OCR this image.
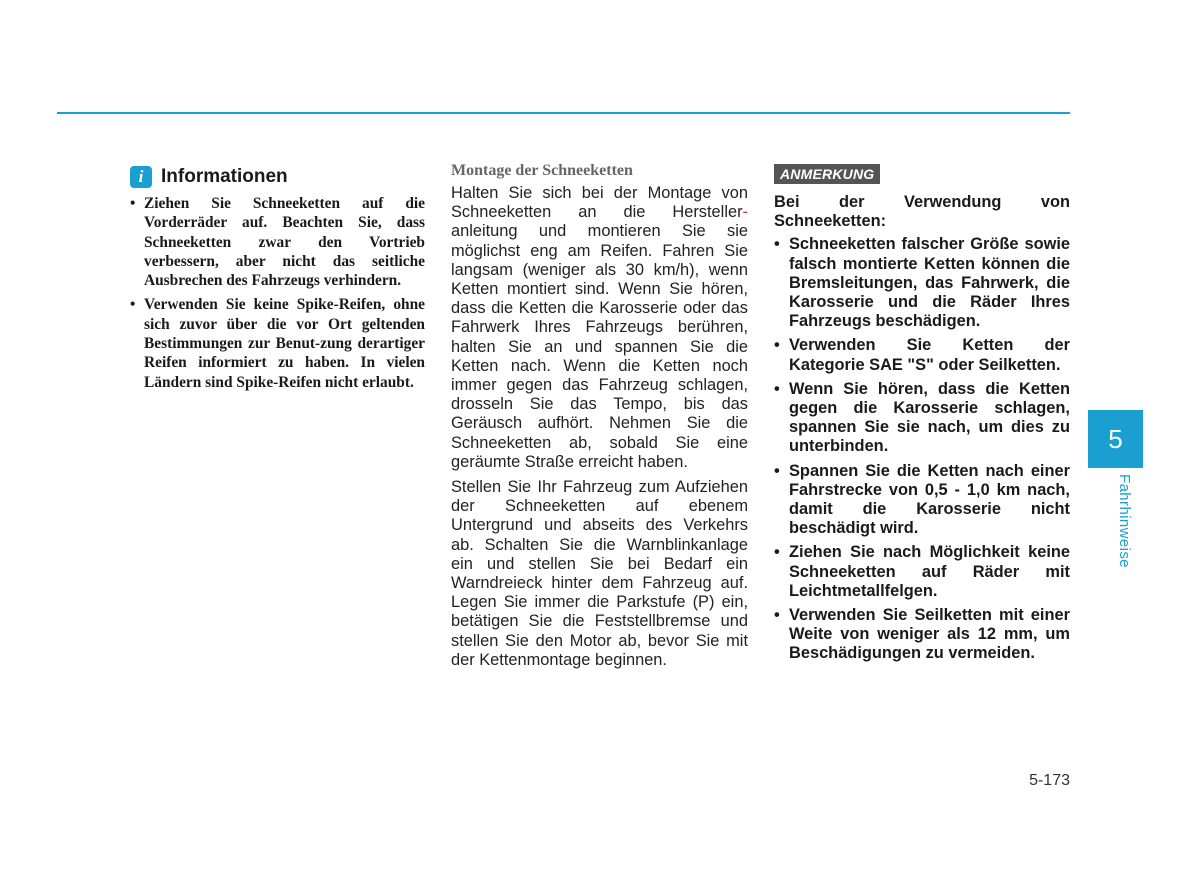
i Informationen
• Ziehen Sie Schneeketten auf die Vorderräder auf. Beachten Sie, dass Schneeketten zwar den Vortrieb verbessern, aber nicht das seitliche Ausbrechen des Fahrzeugs verhindern.
• Verwenden Sie keine Spike-Reifen, ohne sich zuvor über die vor Ort geltenden Bestimmungen zur Benut-zung derartiger Reifen informiert zu haben. In vielen Ländern sind Spike-Reifen nicht erlaubt.
Montage der Schneeketten

Halten Sie sich bei der Montage von Schneeketten an die Hersteller- anleitung und montieren Sie sie möglichst eng am Reifen. Fahren Sie langsam (weniger als 30 km/h), wenn Ketten montiert sind. Wenn Sie hören, dass die Ketten die Karosserie oder das Fahrwerk Ihres Fahrzeugs berühren, halten Sie an und spannen Sie die Ketten nach. Wenn die Ketten noch immer gegen das Fahrzeug schlagen, drosseln Sie das Tempo, bis das Geräusch aufhört. Nehmen Sie die Schneeketten ab, sobald Sie eine geräumte Straße erreicht haben.

Stellen Sie Ihr Fahrzeug zum Aufziehen der Schneeketten auf ebenem Untergrund und abseits des Verkehrs ab. Schalten Sie die Warnblinkanlage ein und stellen Sie bei Bedarf ein Warndreieck hinter dem Fahrzeug auf. Legen Sie immer die Parkstufe (P) ein, betätigen Sie die Feststellbremse und stellen Sie den Motor ab, bevor Sie mit der Kettenmontage beginnen.

ANMERKUNG

Bei der Verwendung von Schneeketten:

• Schneeketten falscher Größe sowie falsch montierte Ketten können die Bremsleitungen, das Fahrwerk, die Karosserie und die Räder Ihres Fahrzeugs beschädigen.
• Verwenden Sie Ketten der Kategorie SAE "S" oder Seilketten.
• Wenn Sie hören, dass die Ketten gegen die Karosserie schlagen, spannen Sie sie nach, um dies zu unterbinden.
• Spannen Sie die Ketten nach einer Fahrstrecke von 0,5 - 1,0 km nach, damit die Karosserie nicht beschädigt wird.
• Ziehen Sie nach Möglichkeit keine Schneeketten auf Räder mit Leichtmetallfelgen.
• Verwenden Sie Seilketten mit einer Weite von weniger als 12 mm, um Beschädigungen zu vermeiden.
5
Fahrhinweise
5-173
